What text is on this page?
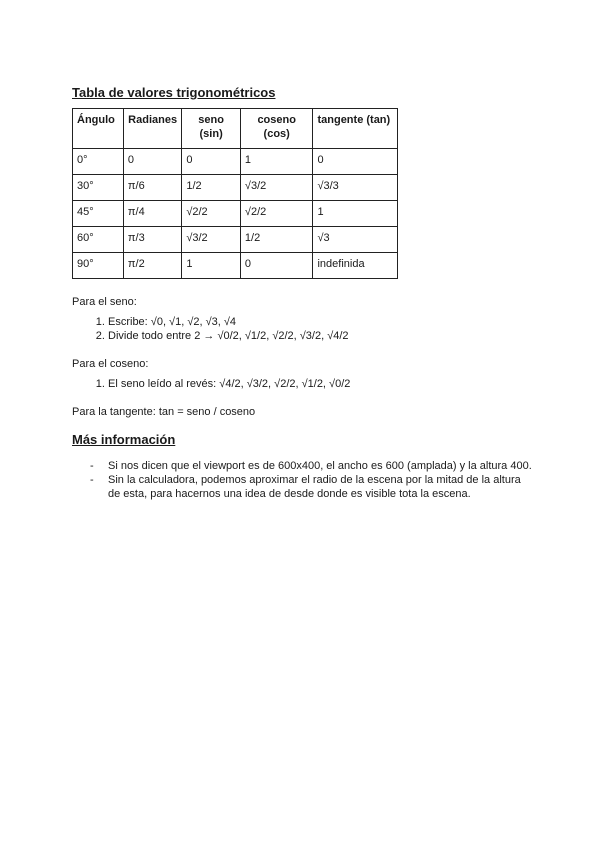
Tabla de valores trigonométricos
Ángulo	Radianes	seno (sin)	coseno (cos)	tangente (tan)
0°	0	0	1	0
30°	π/6	1/2	√3/2	√3/3
45°	π/4	√2/2	√2/2	1
60°	π/3	√3/2	1/2	√3
90°	π/2	1	0	indefinida

Para el seno:

1. Escribe: √0, √1, √2, √3, √4
2. Divide todo entre 2 → √0/2, √1/2, √2/2, √3/2, √4/2

Para el coseno:

1. El seno leído al revés: √4/2, √3/2, √2/2, √1/2, √0/2

Para la tangente: tan = seno / coseno

Más información
- Si nos dicen que el viewport es de 600x400, el ancho es 600 (amplada) y la altura 400.
- Sin la calculadora, podemos aproximar el radio de la escena por la mitad de la altura de esta, para hacernos una idea de desde donde es visible tota la escena.
